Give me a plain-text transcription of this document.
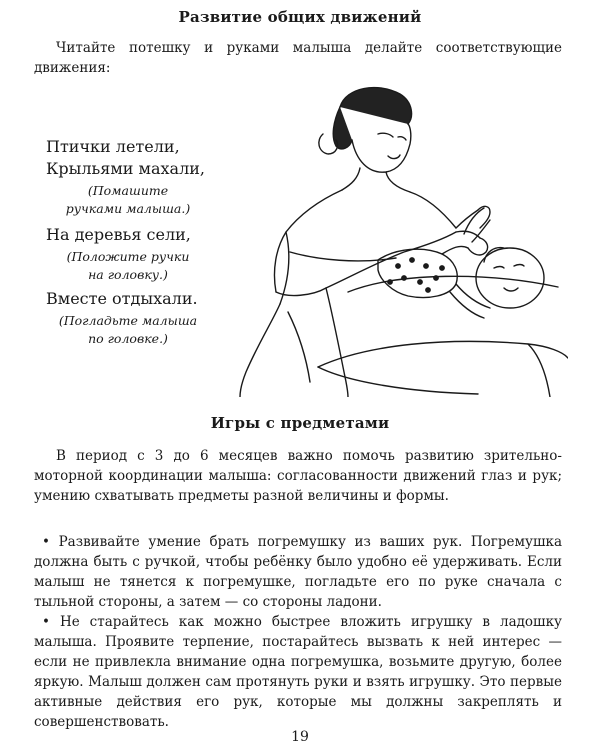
Развитие общих движений
Читайте потешку и руками малыша делайте соответствующие движения:
Птички летели,
Крыльями махали,
(Помашите
ручками малыша.)
На деревья сели,
(Положите ручки
на головку.)
Вместе отдыхали.
(Погладьте малыша
по головке.)
Игры с предметами
В период с 3 до 6 месяцев важно помочь развитию зрительно-моторной координации малыша: согласованности движений глаз и рук; умению схватывать предметы разной величины и формы.
• Развивайте умение брать погремушку из ваших рук. Погремушка должна быть с ручкой, чтобы ребёнку было удобно её удерживать. Если малыш не тянется к погремушке, погладьте его по руке сначала с тыльной стороны, а затем — со стороны ладони.
• Не старайтесь как можно быстрее вложить игрушку в ладошку малыша. Проявите терпение, постарайтесь вызвать к ней интерес — если не привлекла внимание одна погремушка, возьмите другую, более яркую. Малыш должен сам протянуть руки и взять игрушку. Это первые активные действия его рук, которые мы должны закреплять и совершенствовать.
19
